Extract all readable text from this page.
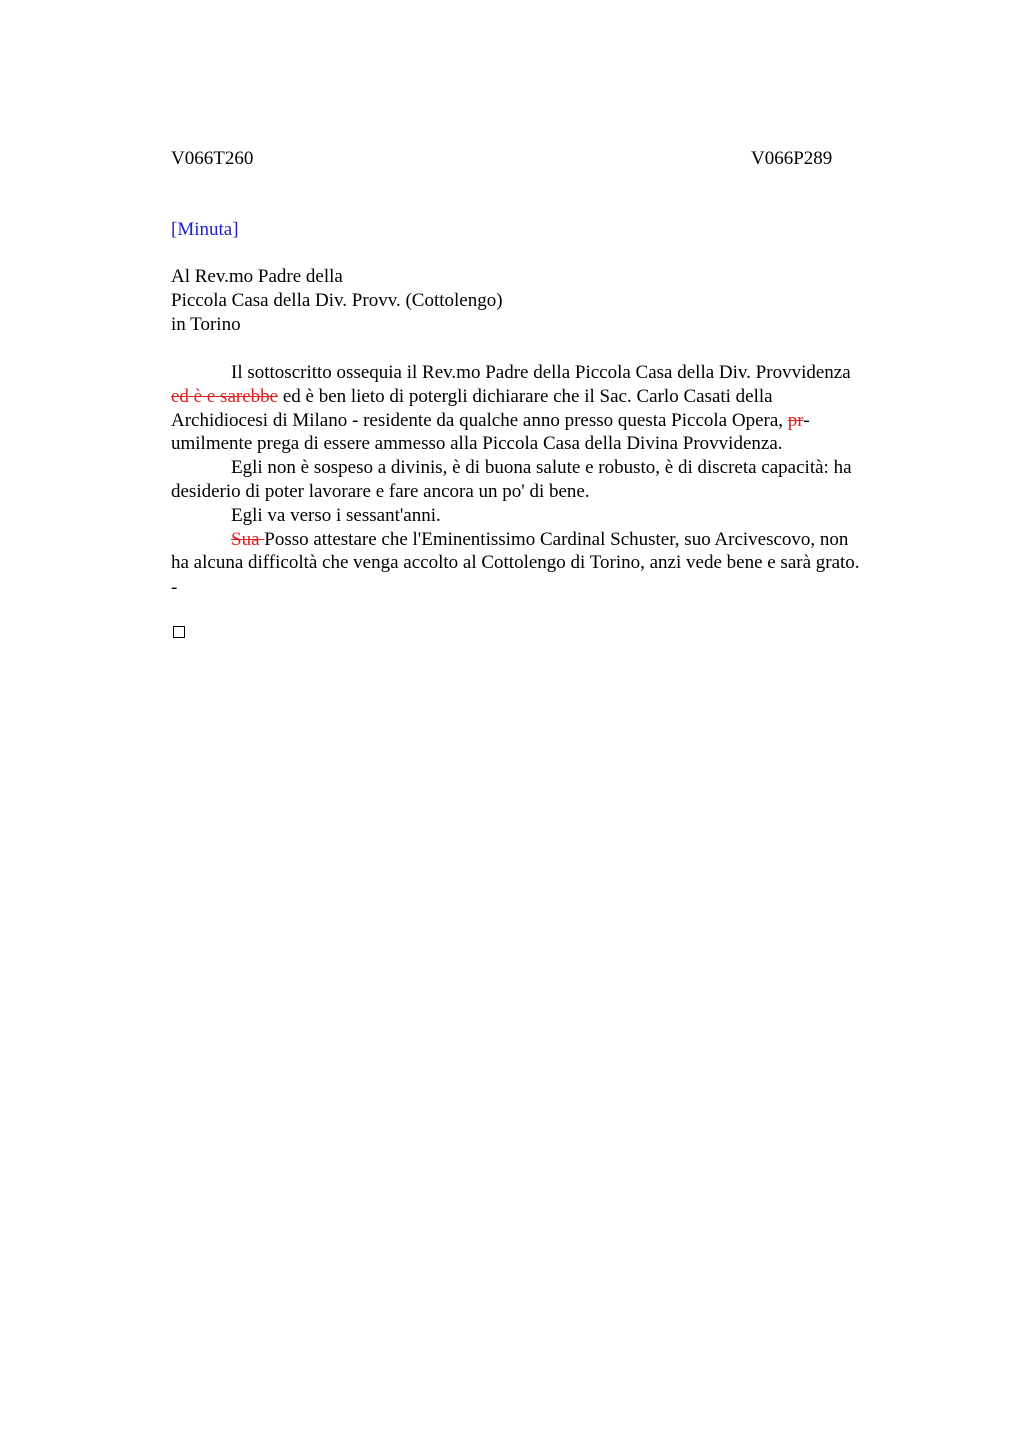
V066T260	V066P289
[Minuta]
Al Rev.mo Padre della
Piccola Casa della Div. Provv. (Cottolengo)
in Torino

Il sottoscritto ossequia il Rev.mo Padre della Piccola Casa della Div. Provvidenza

ed è e sarebbe ed è ben lieto di potergli dichiarare che il Sac. Carlo Casati della
Archidiocesi di Milano - residente da qualche anno presso questa Piccola Opera, pr-
umilmente prega di essere ammesso alla Piccola Casa della Divina Provvidenza.

Egli non è sospeso a divinis, è di buona salute e robusto, è di discreta capacità: ha

desiderio di poter lavorare e fare ancora un po' di bene.

Egli va verso i sessant'anni.

Sua Posso attestare che l'Eminentissimo Cardinal Schuster, suo Arcivescovo, non

ha alcuna difficoltà che venga accolto al Cottolengo di Torino, anzi vede bene e sarà grato.
-
